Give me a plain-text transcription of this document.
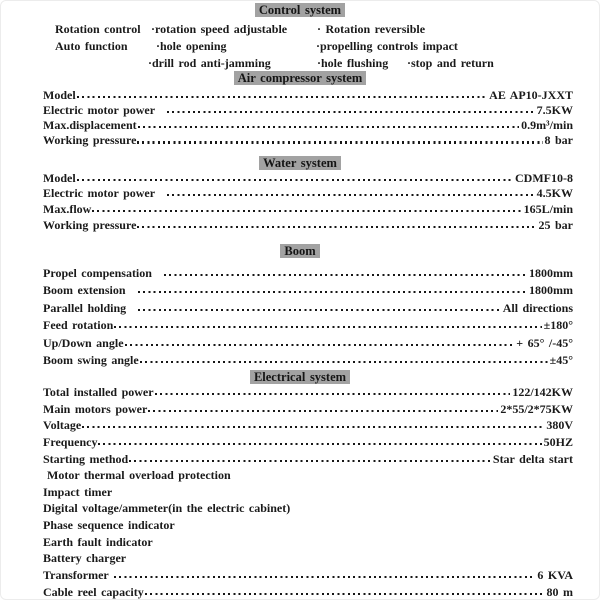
Control system
Rotation control ·rotation speed adjustable · Rotation reversible
Auto function ·hole opening	·propelling controls impact
·drill rod anti-jamming	·hole flushing ·stop and return
Air compressor system
Model	AE AP10-JXXT
Electric motor power	7.5KW
Max.displacement	0.9m³/min
Working pressure	8 bar
Water system
Model	CDMF10-8
Electric motor power	4.5KW
Max.flow	165L/min
Working pressure	25 bar
Boom
Propel compensation	1800mm
Boom extension	1800mm
Parallel holding	All directions
Feed rotation	±180°
Up/Down angle	+ 65° /-45°
Boom swing angle	±45°
Electrical system
Total installed power	122/142KW
Main motors power	2*55/2*75KW
Voltage	380V
Frequency	50HZ
Starting method	Star delta start
Motor thermal overload protection
Impact timer
Digital voltage/ammeter(in the electric cabinet)
Phase sequence indicator
Earth fault indicator
Battery charger
Transformer	6 KVA
Cable reel capacity	80 m
